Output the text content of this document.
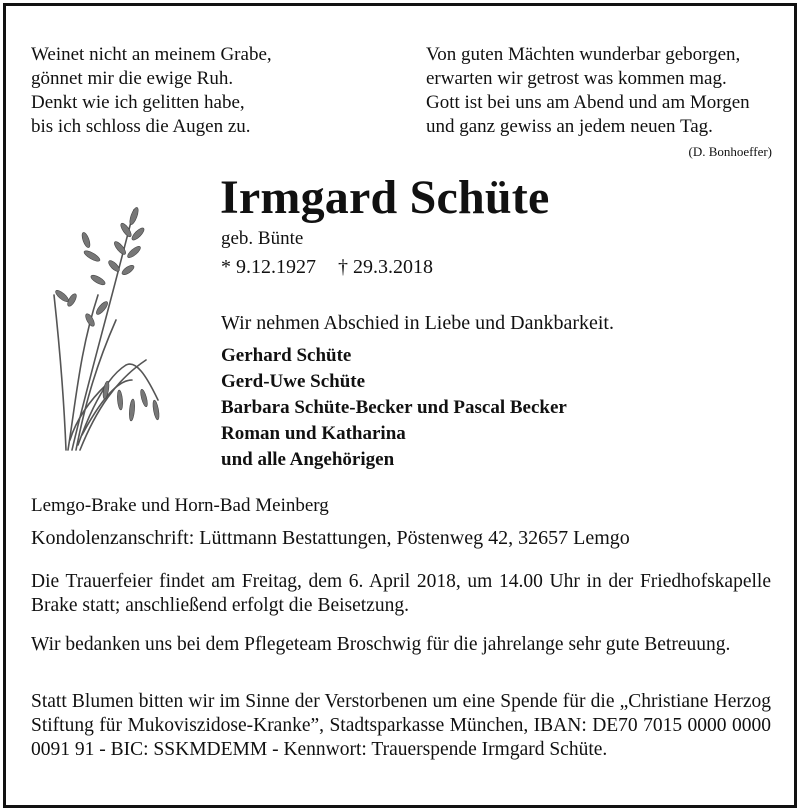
Weinet nicht an meinem Grabe,
gönnet mir die ewige Ruh.
Denkt wie ich gelitten habe,
bis ich schloss die Augen zu.
Von guten Mächten wunderbar geborgen,
erwarten wir getrost was kommen mag.
Gott ist bei uns am Abend und am Morgen
und ganz gewiss an jedem neuen Tag.
(D. Bonhoeffer)
Irmgard Schüte
geb. Bünte
* 9.12.1927 † 29.3.2018
Wir nehmen Abschied in Liebe und Dankbarkeit.
Gerhard Schüte
Gerd-Uwe Schüte
Barbara Schüte-Becker und Pascal Becker
Roman und Katharina
und alle Angehörigen
Lemgo-Brake und Horn-Bad Meinberg
Kondolenzanschrift: Lüttmann Bestattungen, Pöstenweg 42, 32657 Lemgo
Die Trauerfeier findet am Freitag, dem 6. April 2018, um 14.00 Uhr in der Friedhofskapelle Brake statt; anschließend erfolgt die Beisetzung.
Wir bedanken uns bei dem Pflegeteam Broschwig für die jahrelange sehr gute Betreuung.
Statt Blumen bitten wir im Sinne der Verstorbenen um eine Spende für die „Christiane Herzog Stiftung für Mukoviszidose-Kranke”, Stadtsparkasse München, IBAN: DE70 7015 0000 0000 0091 91 - BIC: SSKMDEMM - Kennwort: Trauerspende Irmgard Schüte.
